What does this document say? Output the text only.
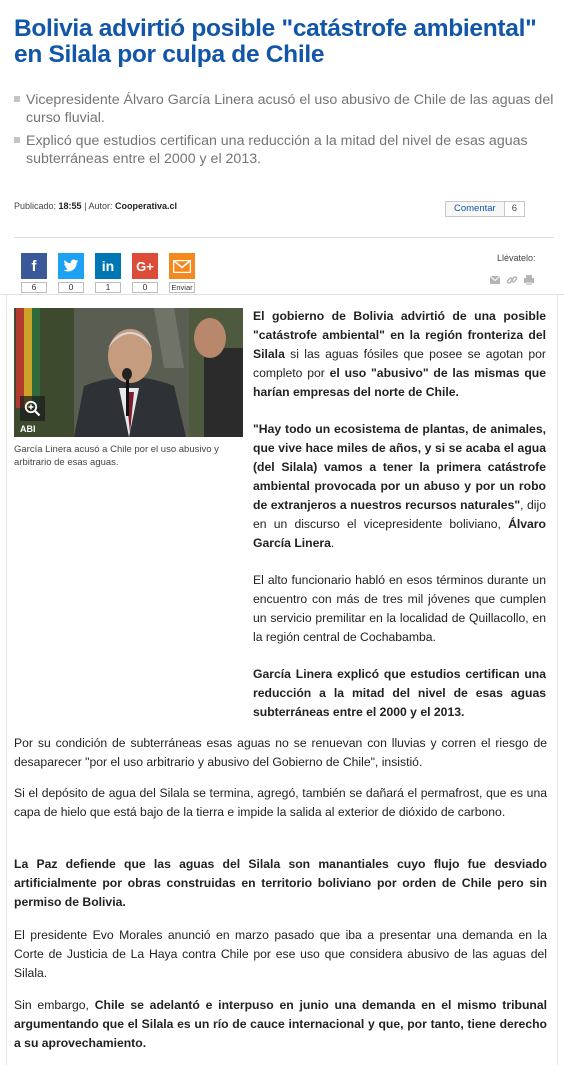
Bolivia advirtió posible "catástrofe ambiental" en Silala por culpa de Chile
Vicepresidente Álvaro García Linera acusó el uso abusivo de Chile de las aguas del curso fluvial.
Explicó que estudios certifican una reducción a la mitad del nivel de esas aguas subterráneas entre el 2000 y el 2013.
Publicado: 18:55 | Autor: Cooperativa.cl	Comentar	6
f
6	0
in
1
G+
0	Enviar
Llévatelo:
ABI
García Linera acusó a Chile por el uso abusivo y arbitrario de esas aguas.

El gobierno de Bolivia advirtió de una posible "catástrofe ambiental" en la región fronteriza del Silala si las aguas fósiles que posee se agotan por completo por el uso "abusivo" de las mismas que harían empresas del norte de Chile.

"Hay todo un ecosistema de plantas, de animales, que vive hace miles de años, y si se acaba el agua (del Silala) vamos a tener la primera catástrofe ambiental provocada por un abuso y por un robo de extranjeros a nuestros recursos naturales", dijo en un discurso el vicepresidente boliviano, Álvaro García Linera.

El alto funcionario habló en esos términos durante un encuentro con más de tres mil jóvenes que cumplen un servicio premilitar en la localidad de Quillacollo, en la región central de Cochabamba.

García Linera explicó que estudios certifican una reducción a la mitad del nivel de esas aguas subterráneas entre el 2000 y el 2013.

Por su condición de subterráneas esas aguas no se renuevan con lluvias y corren el riesgo de desaparecer "por el uso arbitrario y abusivo del Gobierno de Chile", insistió.

Si el depósito de agua del Silala se termina, agregó, también se dañará el permafrost, que es una capa de hielo que está bajo de la tierra e impide la salida al exterior de dióxido de carbono.

La Paz defiende que las aguas del Silala son manantiales cuyo flujo fue desviado artificialmente por obras construidas en territorio boliviano por orden de Chile pero sin permiso de Bolivia.

El presidente Evo Morales anunció en marzo pasado que iba a presentar una demanda en la Corte de Justicia de La Haya contra Chile por ese uso que considera abusivo de las aguas del Silala.

Sin embargo, Chile se adelantó e interpuso en junio una demanda en el mismo tribunal argumentando que el Silala es un río de cauce internacional y que, por tanto, tiene derecho a su aprovechamiento.
